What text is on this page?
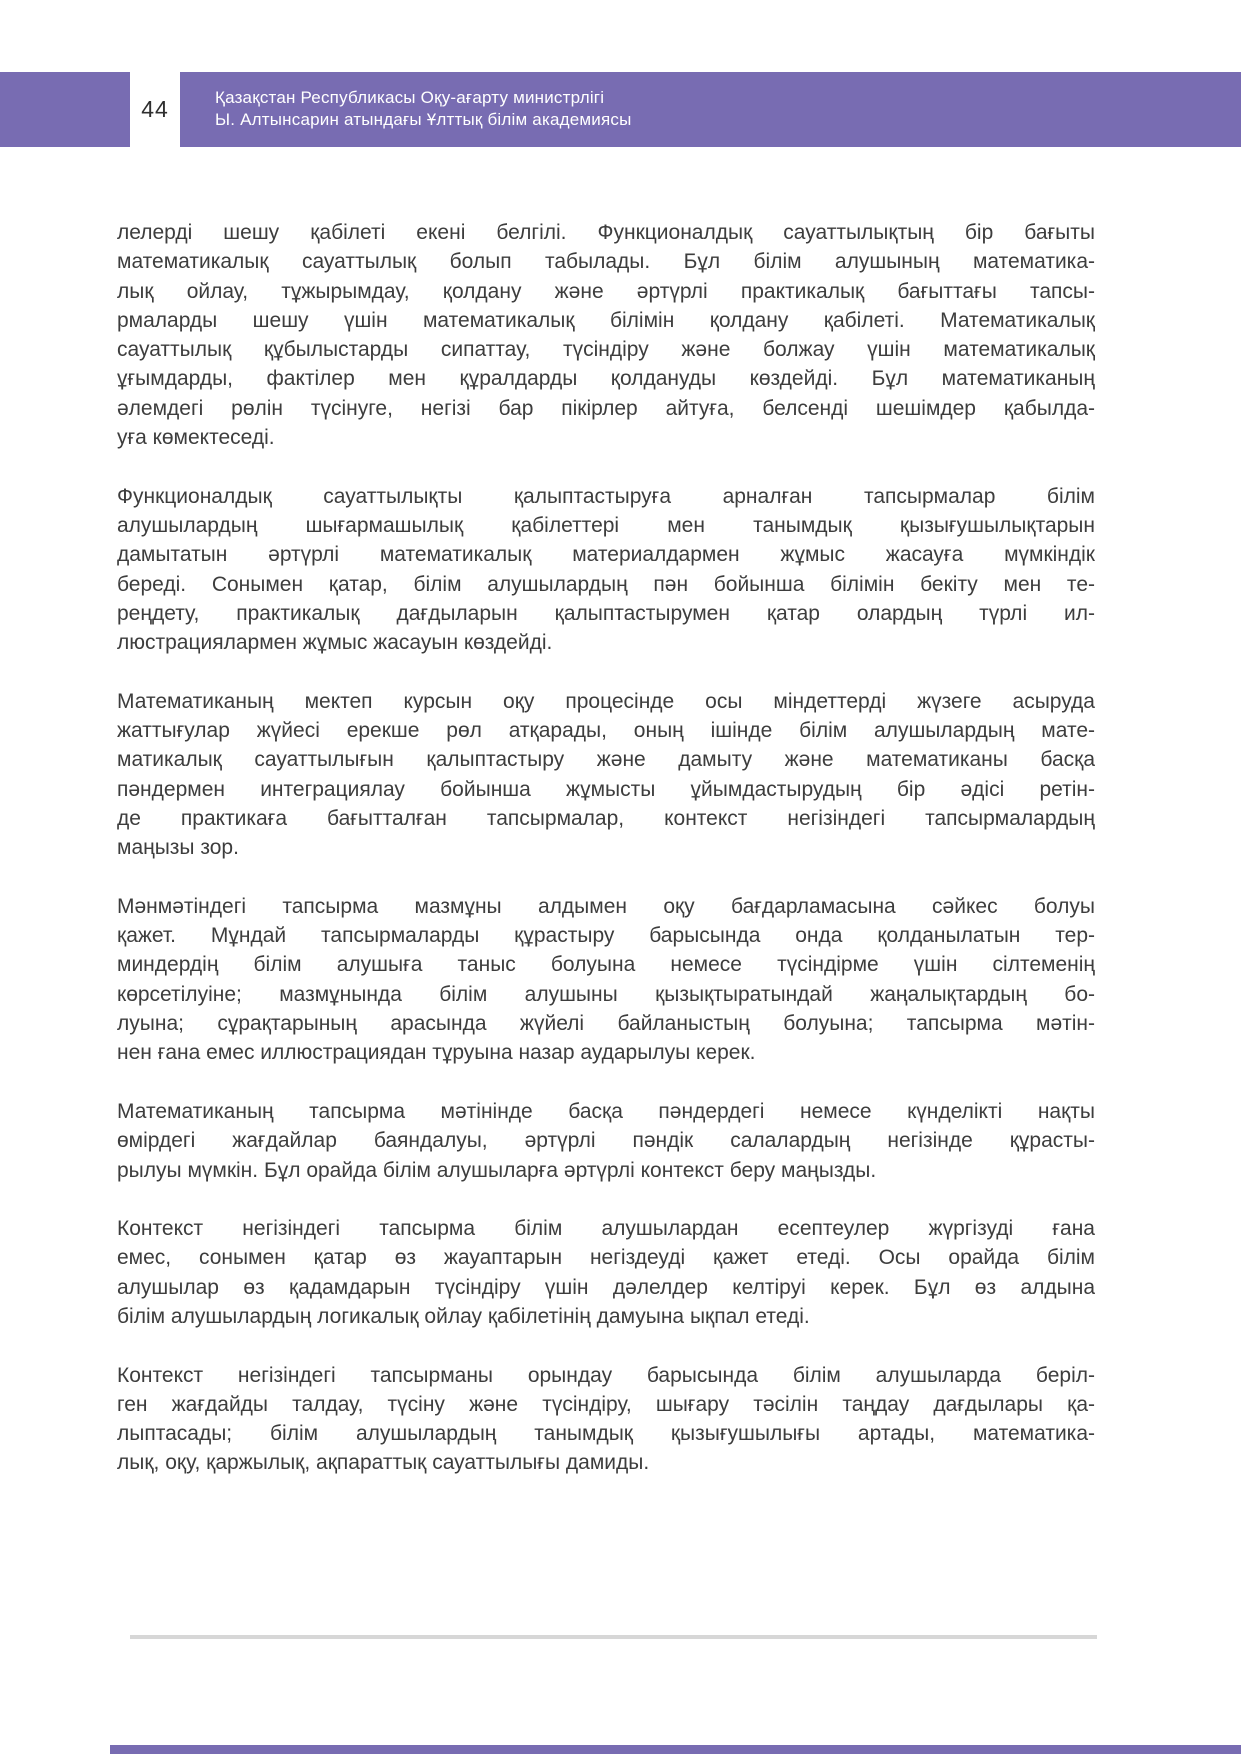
44	Қазақстан Республикасы Оқу-ағарту министрлігі
Ы. Алтынсарин атындағы Ұлттық білім академиясы
лелерді шешу қабілеті екені белгілі. Функционалдық сауаттылықтың бір бағыты
математикалық сауаттылық болып табылады. Бұл білім алушының математика-
лық ойлау, тұжырымдау, қолдану және әртүрлі практикалық бағыттағы тапсы-
рмаларды шешу үшін математикалық білімін қолдану қабілеті. Математикалық
сауаттылық құбылыстарды сипаттау, түсіндіру және болжау үшін математикалық
ұғымдарды, фактілер мен құралдарды қолдануды көздейді. Бұл математиканың
әлемдегі рөлін түсінуге, негізі бар пікірлер айтуға, белсенді шешімдер қабылда-
уға көмектеседі.
Функционалдық сауаттылықты қалыптастыруға арналған тапсырмалар білім
алушылардың шығармашылық қабілеттері мен танымдық қызығушылықтарын
дамытатын әртүрлі математикалық материалдармен жұмыс жасауға мүмкіндік
береді. Сонымен қатар, білім алушылардың пән бойынша білімін бекіту мен те-
реңдету, практикалық дағдыларын қалыптастырумен қатар олардың түрлі ил-
люстрациялармен жұмыс жасауын көздейді.
Математиканың мектеп курсын оқу процесінде осы міндеттерді жүзеге асыруда
жаттығулар жүйесі ерекше рөл атқарады, оның ішінде білім алушылардың мате-
матикалық сауаттылығын қалыптастыру және дамыту және математиканы басқа
пәндермен интеграциялау бойынша жұмысты ұйымдастырудың бір әдісі ретін-
де практикаға бағытталған тапсырмалар, контекст негізіндегі тапсырмалардың
маңызы зор.
Мәнмәтіндегі тапсырма мазмұны алдымен оқу бағдарламасына сәйкес болуы
қажет. Мұндай тапсырмаларды құрастыру барысында онда қолданылатын тер-
миндердің білім алушыға таныс болуына немесе түсіндірме үшін сілтеменің
көрсетілуіне; мазмұнында білім алушыны қызықтыратындай жаңалықтардың бо-
луына; сұрақтарының арасында жүйелі байланыстың болуына; тапсырма мәтін-
нен ғана емес иллюстрациядан тұруына назар аударылуы керек.
Математиканың тапсырма мәтінінде басқа пәндердегі немесе күнделікті нақты
өмірдегі жағдайлар баяндалуы, әртүрлі пәндік салалардың негізінде құрасты-
рылуы мүмкін. Бұл орайда білім алушыларға әртүрлі контекст беру маңызды.
Контекст негізіндегі тапсырма білім алушылардан есептеулер жүргізуді ғана
емес, сонымен қатар өз жауаптарын негіздеуді қажет етеді. Осы орайда білім
алушылар өз қадамдарын түсіндіру үшін дәлелдер келтіруі керек. Бұл өз алдына
білім алушылардың логикалық ойлау қабілетінің дамуына ықпал етеді.
Контекст негізіндегі тапсырманы орындау барысында білім алушыларда беріл-
ген жағдайды талдау, түсіну және түсіндіру, шығару тәсілін таңдау дағдылары қа-
лыптасады; білім алушылардың танымдық қызығушылығы артады, математика-
лық, оқу, қаржылық, ақпараттық сауаттылығы дамиды.
